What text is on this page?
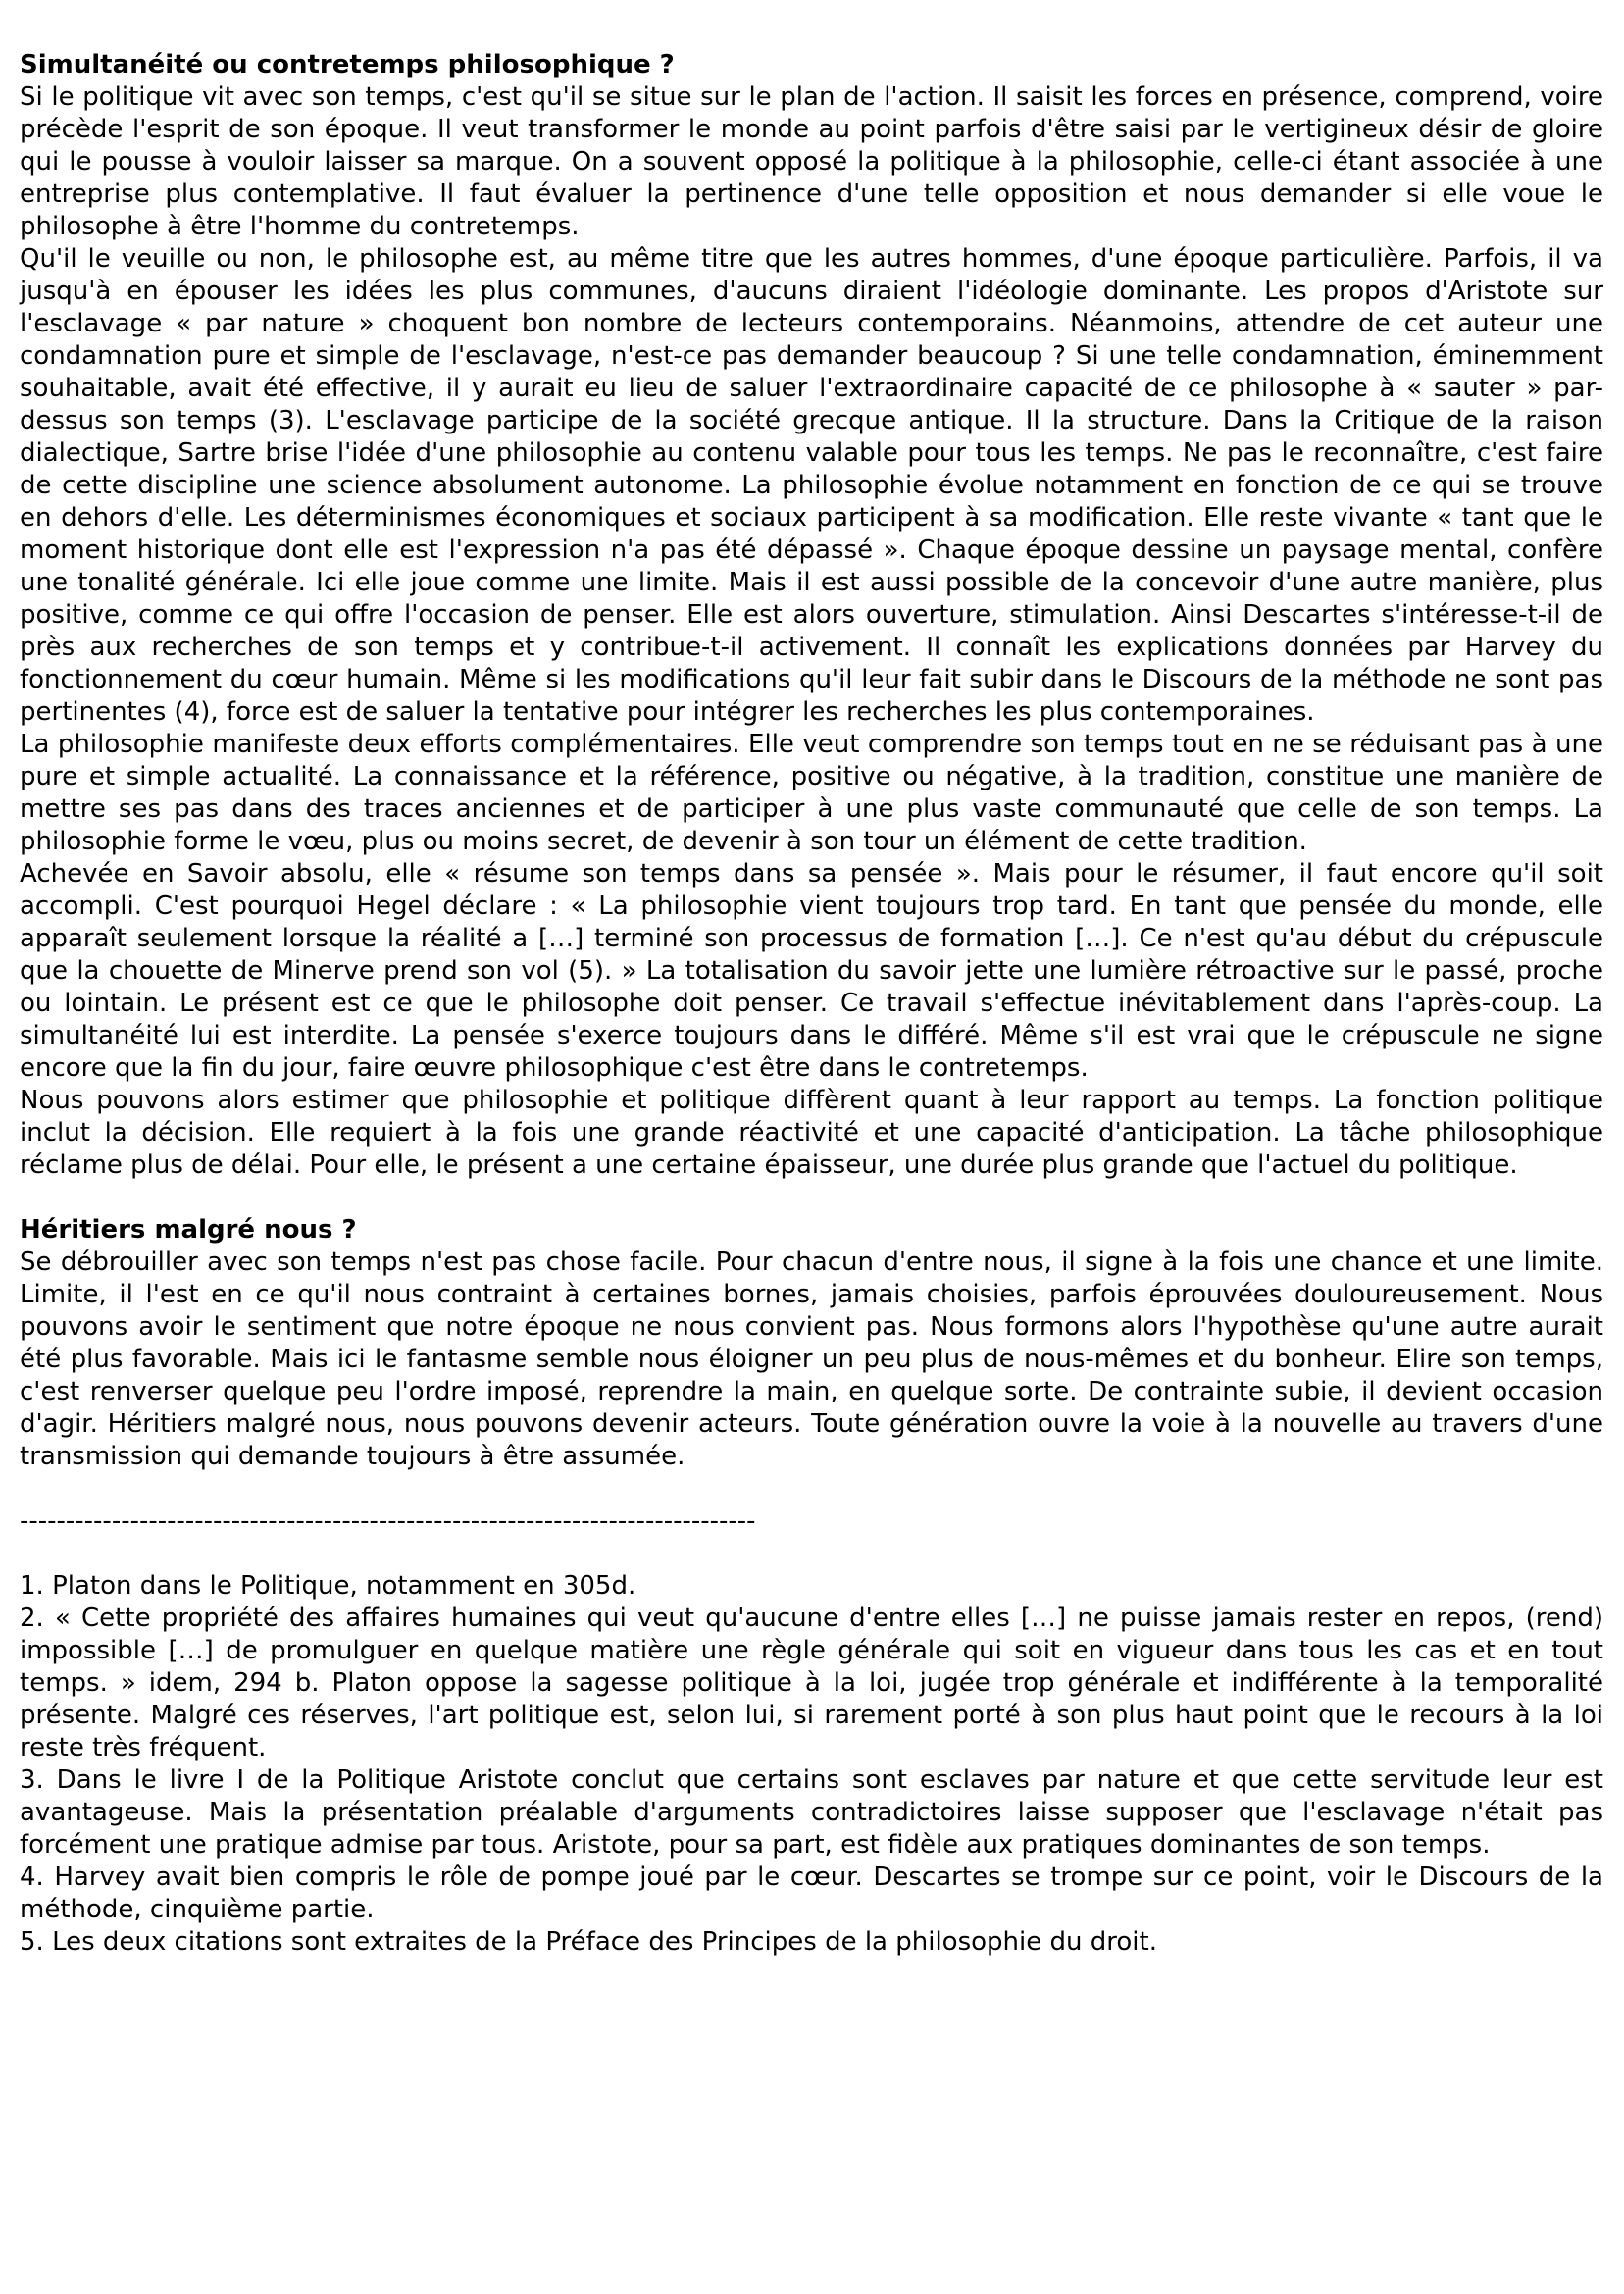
Simultanéité ou contretemps philosophique ?

Si le politique vit avec son temps, c'est qu'il se situe sur le plan de l'action. Il saisit les forces en présence, comprend, voire précède l'esprit de son époque. Il veut transformer le monde au point parfois d'être saisi par le vertigineux désir de gloire qui le pousse à vouloir laisser sa marque. On a souvent opposé la politique à la philosophie, celle-ci étant associée à une entreprise plus contemplative. Il faut évaluer la pertinence d'une telle opposition et nous demander si elle voue le philosophe à être l'homme du contretemps.

Qu'il le veuille ou non, le philosophe est, au même titre que les autres hommes, d'une époque particulière. Parfois, il va jusqu'à en épouser les idées les plus communes, d'aucuns diraient l'idéologie dominante. Les propos d'Aristote sur l'esclavage « par nature » choquent bon nombre de lecteurs contemporains. Néanmoins, attendre de cet auteur une condamnation pure et simple de l'esclavage, n'est-ce pas demander beaucoup ? Si une telle condamnation, éminemment souhaitable, avait été effective, il y aurait eu lieu de saluer l'extraordinaire capacité de ce philosophe à « sauter » par-dessus son temps (3). L'esclavage participe de la société grecque antique. Il la structure. Dans la Critique de la raison dialectique, Sartre brise l'idée d'une philosophie au contenu valable pour tous les temps. Ne pas le reconnaître, c'est faire de cette discipline une science absolument autonome. La philosophie évolue notamment en fonction de ce qui se trouve en dehors d'elle. Les déterminismes économiques et sociaux participent à sa modification. Elle reste vivante « tant que le moment historique dont elle est l'expression n'a pas été dépassé ». Chaque époque dessine un paysage mental, confère une tonalité générale. Ici elle joue comme une limite. Mais il est aussi possible de la concevoir d'une autre manière, plus positive, comme ce qui offre l'occasion de penser. Elle est alors ouverture, stimulation. Ainsi Descartes s'intéresse-t-il de près aux recherches de son temps et y contribue-t-il activement. Il connaît les explications données par Harvey du fonctionnement du cœur humain. Même si les modifications qu'il leur fait subir dans le Discours de la méthode ne sont pas pertinentes (4), force est de saluer la tentative pour intégrer les recherches les plus contemporaines.

La philosophie manifeste deux efforts complémentaires. Elle veut comprendre son temps tout en ne se réduisant pas à une pure et simple actualité. La connaissance et la référence, positive ou négative, à la tradition, constitue une manière de mettre ses pas dans des traces anciennes et de participer à une plus vaste communauté que celle de son temps. La philosophie forme le vœu, plus ou moins secret, de devenir à son tour un élément de cette tradition.

Achevée en Savoir absolu, elle « résume son temps dans sa pensée ». Mais pour le résumer, il faut encore qu'il soit accompli. C'est pourquoi Hegel déclare : « La philosophie vient toujours trop tard. En tant que pensée du monde, elle apparaît seulement lorsque la réalité a […] terminé son processus de formation […]. Ce n'est qu'au début du crépuscule que la chouette de Minerve prend son vol (5). » La totalisation du savoir jette une lumière rétroactive sur le passé, proche ou lointain. Le présent est ce que le philosophe doit penser. Ce travail s'effectue inévitablement dans l'après-coup. La simultanéité lui est interdite. La pensée s'exerce toujours dans le différé. Même s'il est vrai que le crépuscule ne signe encore que la fin du jour, faire œuvre philosophique c'est être dans le contretemps.

Nous pouvons alors estimer que philosophie et politique diffèrent quant à leur rapport au temps. La fonction politique inclut la décision. Elle requiert à la fois une grande réactivité et une capacité d'anticipation. La tâche philosophique réclame plus de délai. Pour elle, le présent a une certaine épaisseur, une durée plus grande que l'actuel du politique.

Héritiers malgré nous ?

Se débrouiller avec son temps n'est pas chose facile. Pour chacun d'entre nous, il signe à la fois une chance et une limite. Limite, il l'est en ce qu'il nous contraint à certaines bornes, jamais choisies, parfois éprouvées douloureusement. Nous pouvons avoir le sentiment que notre époque ne nous convient pas. Nous formons alors l'hypothèse qu'une autre aurait été plus favorable. Mais ici le fantasme semble nous éloigner un peu plus de nous-mêmes et du bonheur. Elire son temps, c'est renverser quelque peu l'ordre imposé, reprendre la main, en quelque sorte. De contrainte subie, il devient occasion d'agir. Héritiers malgré nous, nous pouvons devenir acteurs. Toute génération ouvre la voie à la nouvelle au travers d'une transmission qui demande toujours à être assumée.

--------------------------------------------------------------------------------

1. Platon dans le Politique, notamment en 305d.

2. « Cette propriété des affaires humaines qui veut qu'aucune d'entre elles […] ne puisse jamais rester en repos, (rend) impossible […] de promulguer en quelque matière une règle générale qui soit en vigueur dans tous les cas et en tout temps. » idem, 294 b. Platon oppose la sagesse politique à la loi, jugée trop générale et indifférente à la temporalité présente. Malgré ces réserves, l'art politique est, selon lui, si rarement porté à son plus haut point que le recours à la loi reste très fréquent.

3. Dans le livre I de la Politique Aristote conclut que certains sont esclaves par nature et que cette servitude leur est avantageuse. Mais la présentation préalable d'arguments contradictoires laisse supposer que l'esclavage n'était pas forcément une pratique admise par tous. Aristote, pour sa part, est fidèle aux pratiques dominantes de son temps.

4. Harvey avait bien compris le rôle de pompe joué par le cœur. Descartes se trompe sur ce point, voir le Discours de la méthode, cinquième partie.

5. Les deux citations sont extraites de la Préface des Principes de la philosophie du droit.
